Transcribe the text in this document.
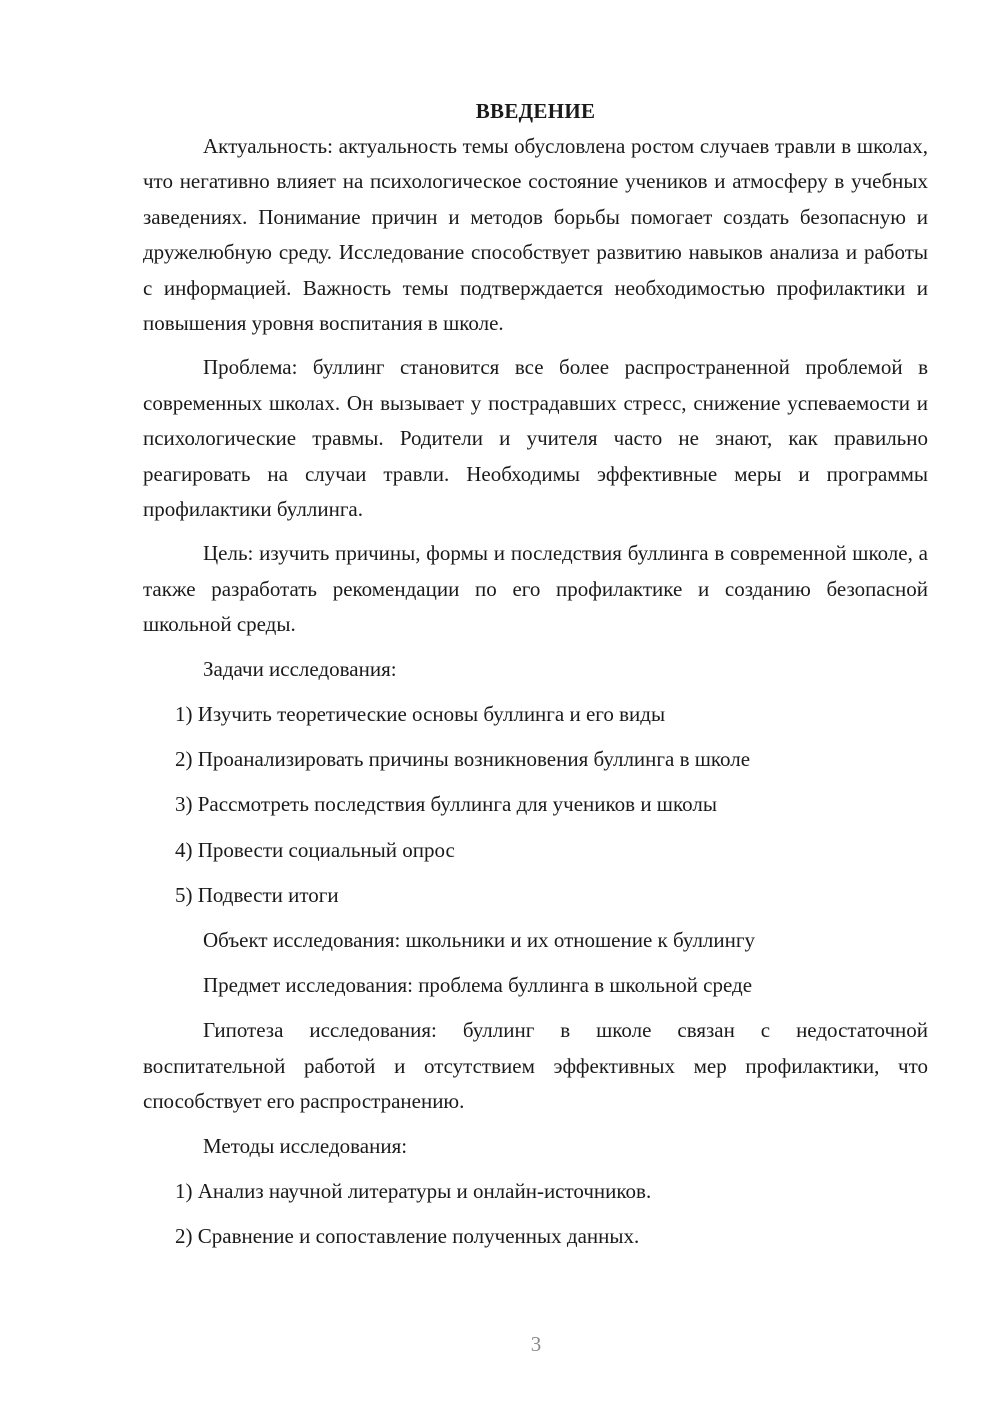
ВВЕДЕНИЕ

Актуальность: актуальность темы обусловлена ростом случаев травли в школах, что негативно влияет на психологическое состояние учеников и атмосферу в учебных заведениях. Понимание причин и методов борьбы помогает создать безопасную и дружелюбную среду. Исследование способствует развитию навыков анализа и работы с информацией. Важность темы подтверждается необходимостью профилактики и повышения уровня воспитания в школе.

Проблема: буллинг становится все более распространенной проблемой в современных школах. Он вызывает у пострадавших стресс, снижение успеваемости и психологические травмы. Родители и учителя часто не знают, как правильно реагировать на случаи травли. Необходимы эффективные меры и программы профилактики буллинга.

Цель: изучить причины, формы и последствия буллинга в современной школе, а также разработать рекомендации по его профилактике и созданию безопасной школьной среды.

Задачи исследования:
1) Изучить теоретические основы буллинга и его виды
2) Проанализировать причины возникновения буллинга в школе
3) Рассмотреть последствия буллинга для учеников и школы
4) Провести социальный опрос
5) Подвести итоги
Объект исследования: школьники и их отношение к буллингу
Предмет исследования: проблема буллинга в школьной среде

Гипотеза исследования: буллинг в школе связан с недостаточной воспитательной работой и отсутствием эффективных мер профилактики, что способствует его распространению.

Методы исследования:
1) Анализ научной литературы и онлайн-источников.
2) Сравнение и сопоставление полученных данных.
3
